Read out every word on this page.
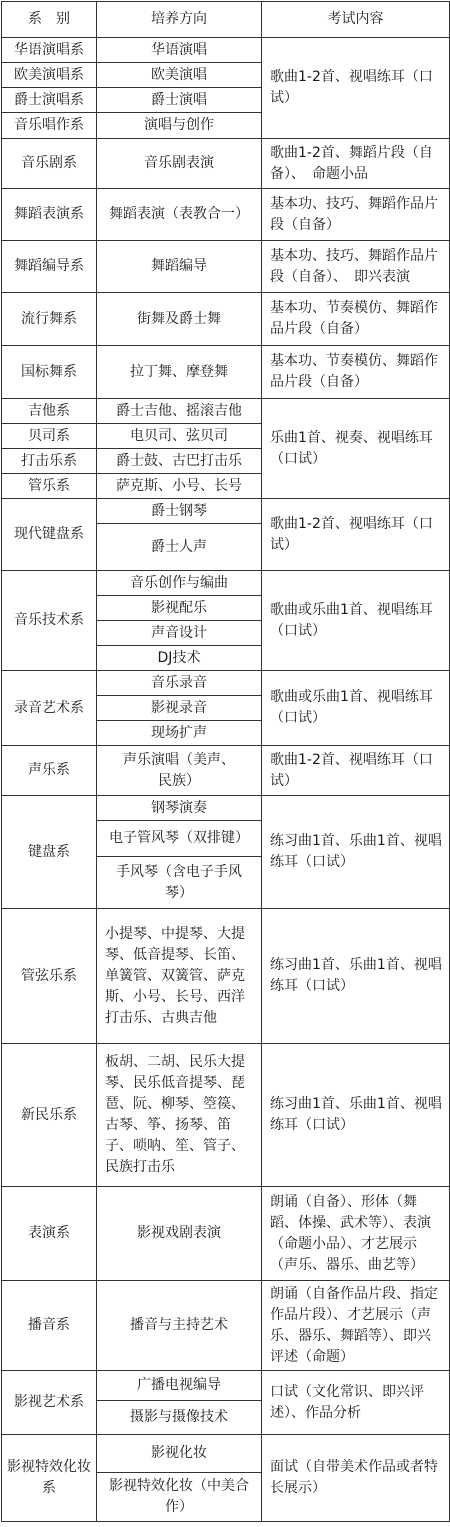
系　别	培养方向	考试内容
华语演唱系	华语演唱	歌曲1-2首、视唱练耳（口试）
欧美演唱系	欧美演唱	
爵士演唱系	爵士演唱	
音乐唱作系	演唱与创作	
音乐剧系	音乐剧表演	歌曲1-2首、舞蹈片段（自备）、　命题小品
舞蹈表演系	舞蹈表演（表教合一）	基本功、技巧、舞蹈作品片段（自备）
舞蹈编导系	舞蹈编导	基本功、技巧、舞蹈作品片段（自备）、　即兴表演
流行舞系	街舞及爵士舞	基本功、节奏模仿、舞蹈作品片段（自备）
国标舞系	拉丁舞、摩登舞	基本功、节奏模仿、舞蹈作品片段（自备）
吉他系	爵士吉他、摇滚吉他	乐曲1首、视奏、视唱练耳（口试）
贝司系	电贝司、弦贝司	
打击乐系	爵士鼓、古巴打击乐	
管乐系	萨克斯、小号、长号	
现代键盘系	爵士钢琴	歌曲1-2首、视唱练耳（口试）
	爵士人声	
音乐技术系	音乐创作与编曲	歌曲或乐曲1首、视唱练耳（口试）
	影视配乐	
	声音设计	
	DJ技术	
录音艺术系	音乐录音	歌曲或乐曲1首、视唱练耳（口试）
	影视录音	
	现场扩声	
声乐系	声乐演唱（美声、民族）	歌曲1-2首、视唱练耳（口试）
键盘系	钢琴演奏	练习曲1首、乐曲1首、视唱练耳（口试）
	电子管风琴（双排键）	
	手风琴（含电子手风琴）	
管弦乐系	小提琴、中提琴、大提琴、低音提琴、长笛、单簧管、双簧管、萨克斯、小号、长号、西洋打击乐、古典吉他	练习曲1首、乐曲1首、视唱练耳（口试）
新民乐系	板胡、二胡、民乐大提琴、民乐低音提琴、琵琶、阮、柳琴、箜篌、古琴、筝、扬琴、笛子、唢呐、笙、管子、民族打击乐	练习曲1首、乐曲1首、视唱练耳（口试）
表演系	影视戏剧表演	朗诵（自备）、形体（舞蹈、体操、武术等）、表演（命题小品）、才艺展示（声乐、器乐、曲艺等）
播音系	播音与主持艺术	朗诵（自备作品片段、指定作品片段）、才艺展示（声乐、器乐、舞蹈等）、即兴评述（命题）
影视艺术系	广播电视编导	口试（文化常识、即兴评述）、作品分析
	摄影与摄像技术	
影视特效化妆系	影视化妆	面试（自带美术作品或者特长展示）
	影视特效化妆（中美合作）	
